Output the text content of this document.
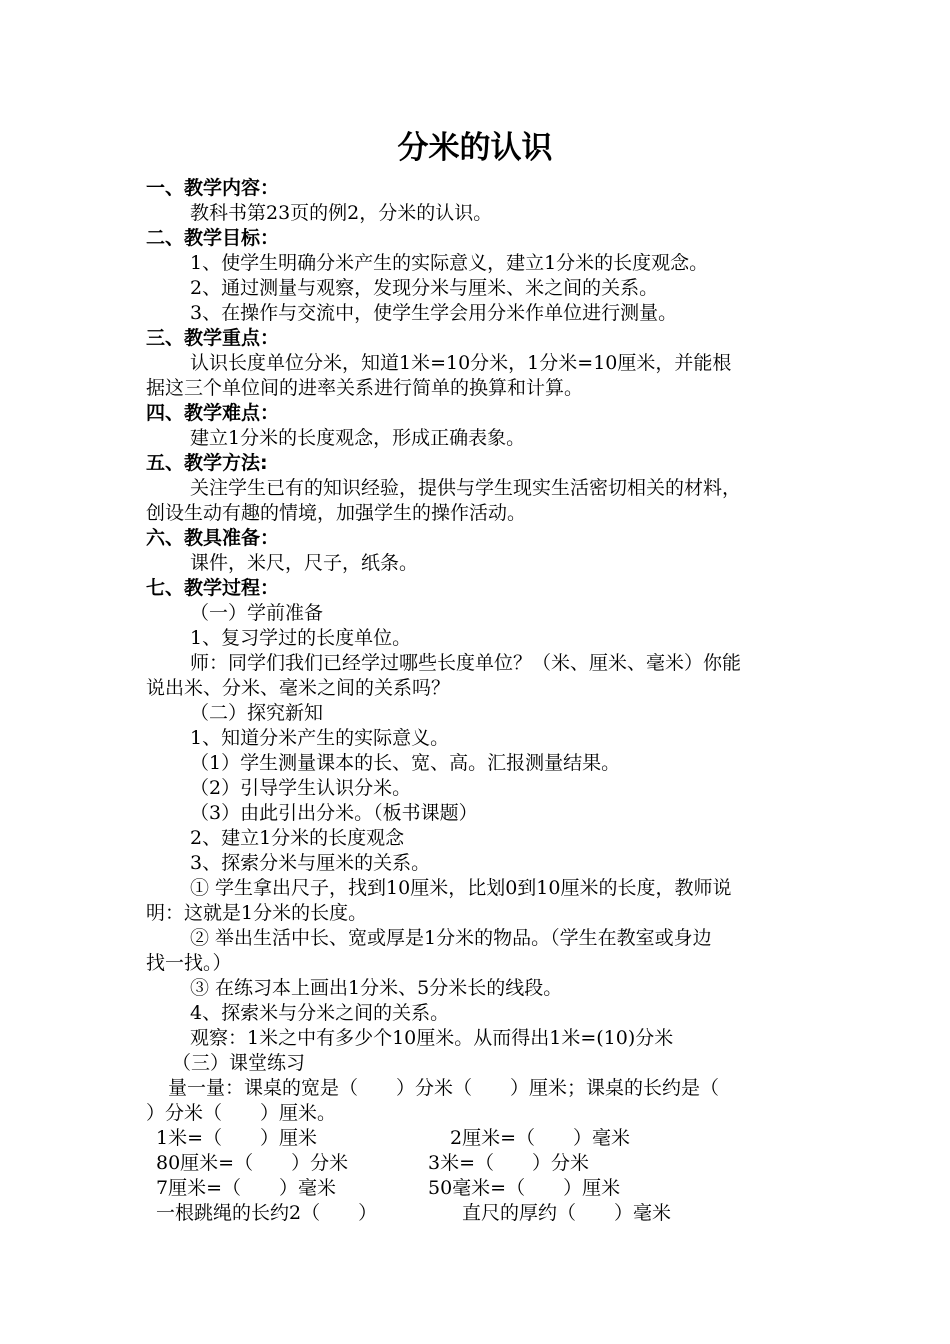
分米的认识
一、教学内容：
教科书第23页的例2，分米的认识。
二、教学目标：
1、使学生明确分米产生的实际意义，建立1分米的长度观念。
2、通过测量与观察，发现分米与厘米、米之间的关系。
3、在操作与交流中，使学生学会用分米作单位进行测量。
三、教学重点：
认识长度单位分米，知道1米=10分米，1分米=10厘米，并能根
据这三个单位间的进率关系进行简单的换算和计算。
四、教学难点：
建立1分米的长度观念，形成正确表象。
五、教学方法:
关注学生已有的知识经验，提供与学生现实生活密切相关的材料，
创设生动有趣的情境，加强学生的操作活动。
六、教具准备：
课件，米尺，尺子，纸条。
七、教学过程：
（一）学前准备
1、复习学过的长度单位。
师：同学们我们已经学过哪些长度单位？（米、厘米、毫米）你能
说出米、分米、毫米之间的关系吗？
（二）探究新知
1、知道分米产生的实际意义。
（1）学生测量课本的长、宽、高。汇报测量结果。
（2）引导学生认识分米。
（3）由此引出分米。（板书课题）
2、建立1分米的长度观念
3、探索分米与厘米的关系。
① 学生拿出尺子，找到10厘米，比划0到10厘米的长度，教师说
明：这就是1分米的长度。
② 举出生活中长、宽或厚是1分米的物品。（学生在教室或身边
找一找。）
③ 在练习本上画出1分米、5分米长的线段。
4、探索米与分米之间的关系。
观察：1米之中有多少个10厘米。从而得出1米=(10)分米
（三）课堂练习
量一量：课桌的宽是（　　）分米（　　）厘米；课桌的长约是（
）分米（　　）厘米。
1米=（　　）厘米	2厘米=（　　）毫米
80厘米=（　　）分米	3米=（　　）分米
7厘米=（　　）毫米	50毫米=（　　）厘米
一根跳绳的长约2（　　）	直尺的厚约（　　）毫米
